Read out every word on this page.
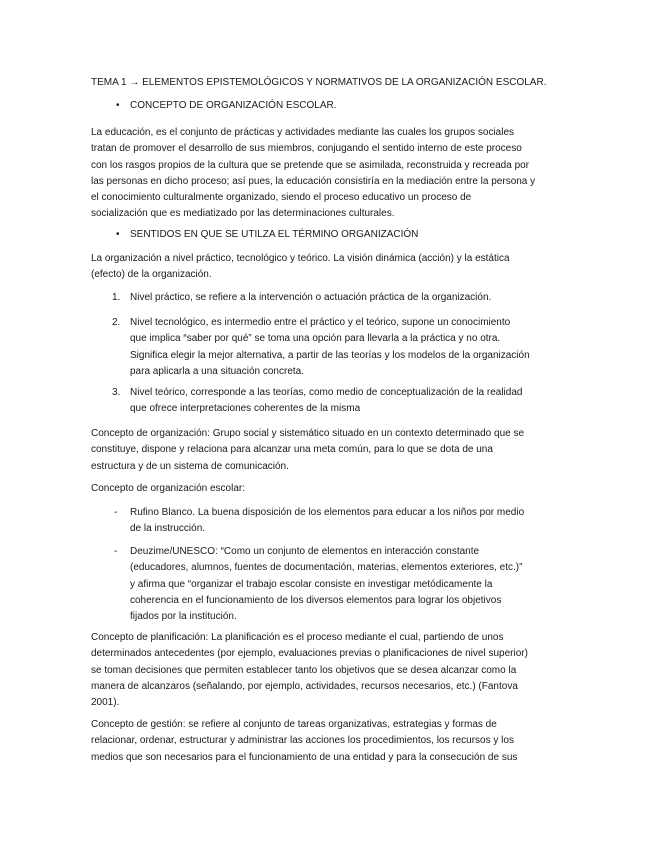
TEMA 1 → ELEMENTOS EPISTEMOLÓGICOS Y NORMATIVOS DE LA ORGANIZACIÓN ESCOLAR.
• CONCEPTO DE ORGANIZACIÓN ESCOLAR.
La educación, es el conjunto de prácticas y actividades mediante las cuales los grupos sociales
tratan de promover el desarrollo de sus miembros, conjugando el sentido interno de este proceso
con los rasgos propios de la cultura que se pretende que se asimilada, reconstruida y recreada por
las personas en dicho proceso; así pues, la educación consistiría en la mediación entre la persona y
el conocimiento culturalmente organizado, siendo el proceso educativo un proceso de
socialización que es mediatizado por las determinaciones culturales.
• SENTIDOS EN QUE SE UTILZA EL TÉRMINO ORGANIZACIÓN
La organización a nivel práctico, tecnológico y teórico. La visión dinámica (acción) y la estática
(efecto) de la organización.
1. Nivel práctico, se refiere a la intervención o actuación práctica de la organización.
2. Nivel tecnológico, es intermedio entre el práctico y el teórico, supone un conocimiento
que implica “saber por qué” se toma una opción para llevarla a la práctica y no otra.
Significa elegir la mejor alternativa, a partir de las teorías y los modelos de la organización
para aplicarla a una situación concreta.
3. Nivel teórico, corresponde a las teorías, como medio de conceptualización de la realidad
que ofrece interpretaciones coherentes de la misma
Concepto de organización: Grupo social y sistemático situado en un contexto determinado que se
constituye, dispone y relaciona para alcanzar una meta común, para lo que se dota de una
estructura y de un sistema de comunicación.
Concepto de organización escolar:
- Rufino Blanco. La buena disposición de los elementos para educar a los niños por medio
de la instrucción.
- Deuzime/UNESCO: “Como un conjunto de elementos en interacción constante
(educadores, alumnos, fuentes de documentación, materias, elementos exteriores, etc.)”
y afirma que “organizar el trabajo escolar consiste en investigar metódicamente la
coherencia en el funcionamiento de los diversos elementos para lograr los objetivos
fijados por la institución.
Concepto de planificación: La planificación es el proceso mediante el cual, partiendo de unos
determinados antecedentes (por ejemplo, evaluaciones previas o planificaciones de nivel superior)
se toman decisiones que permiten establecer tanto los objetivos que se desea alcanzar como la
manera de alcanzaros (señalando, por ejemplo, actividades, recursos necesarios, etc.) (Fantova
2001).
Concepto de gestión: se refiere al conjunto de tareas organizativas, estrategias y formas de
relacionar, ordenar, estructurar y administrar las acciones los procedimientos, los recursos y los
medios que son necesarios para el funcionamiento de una entidad y para la consecución de sus
